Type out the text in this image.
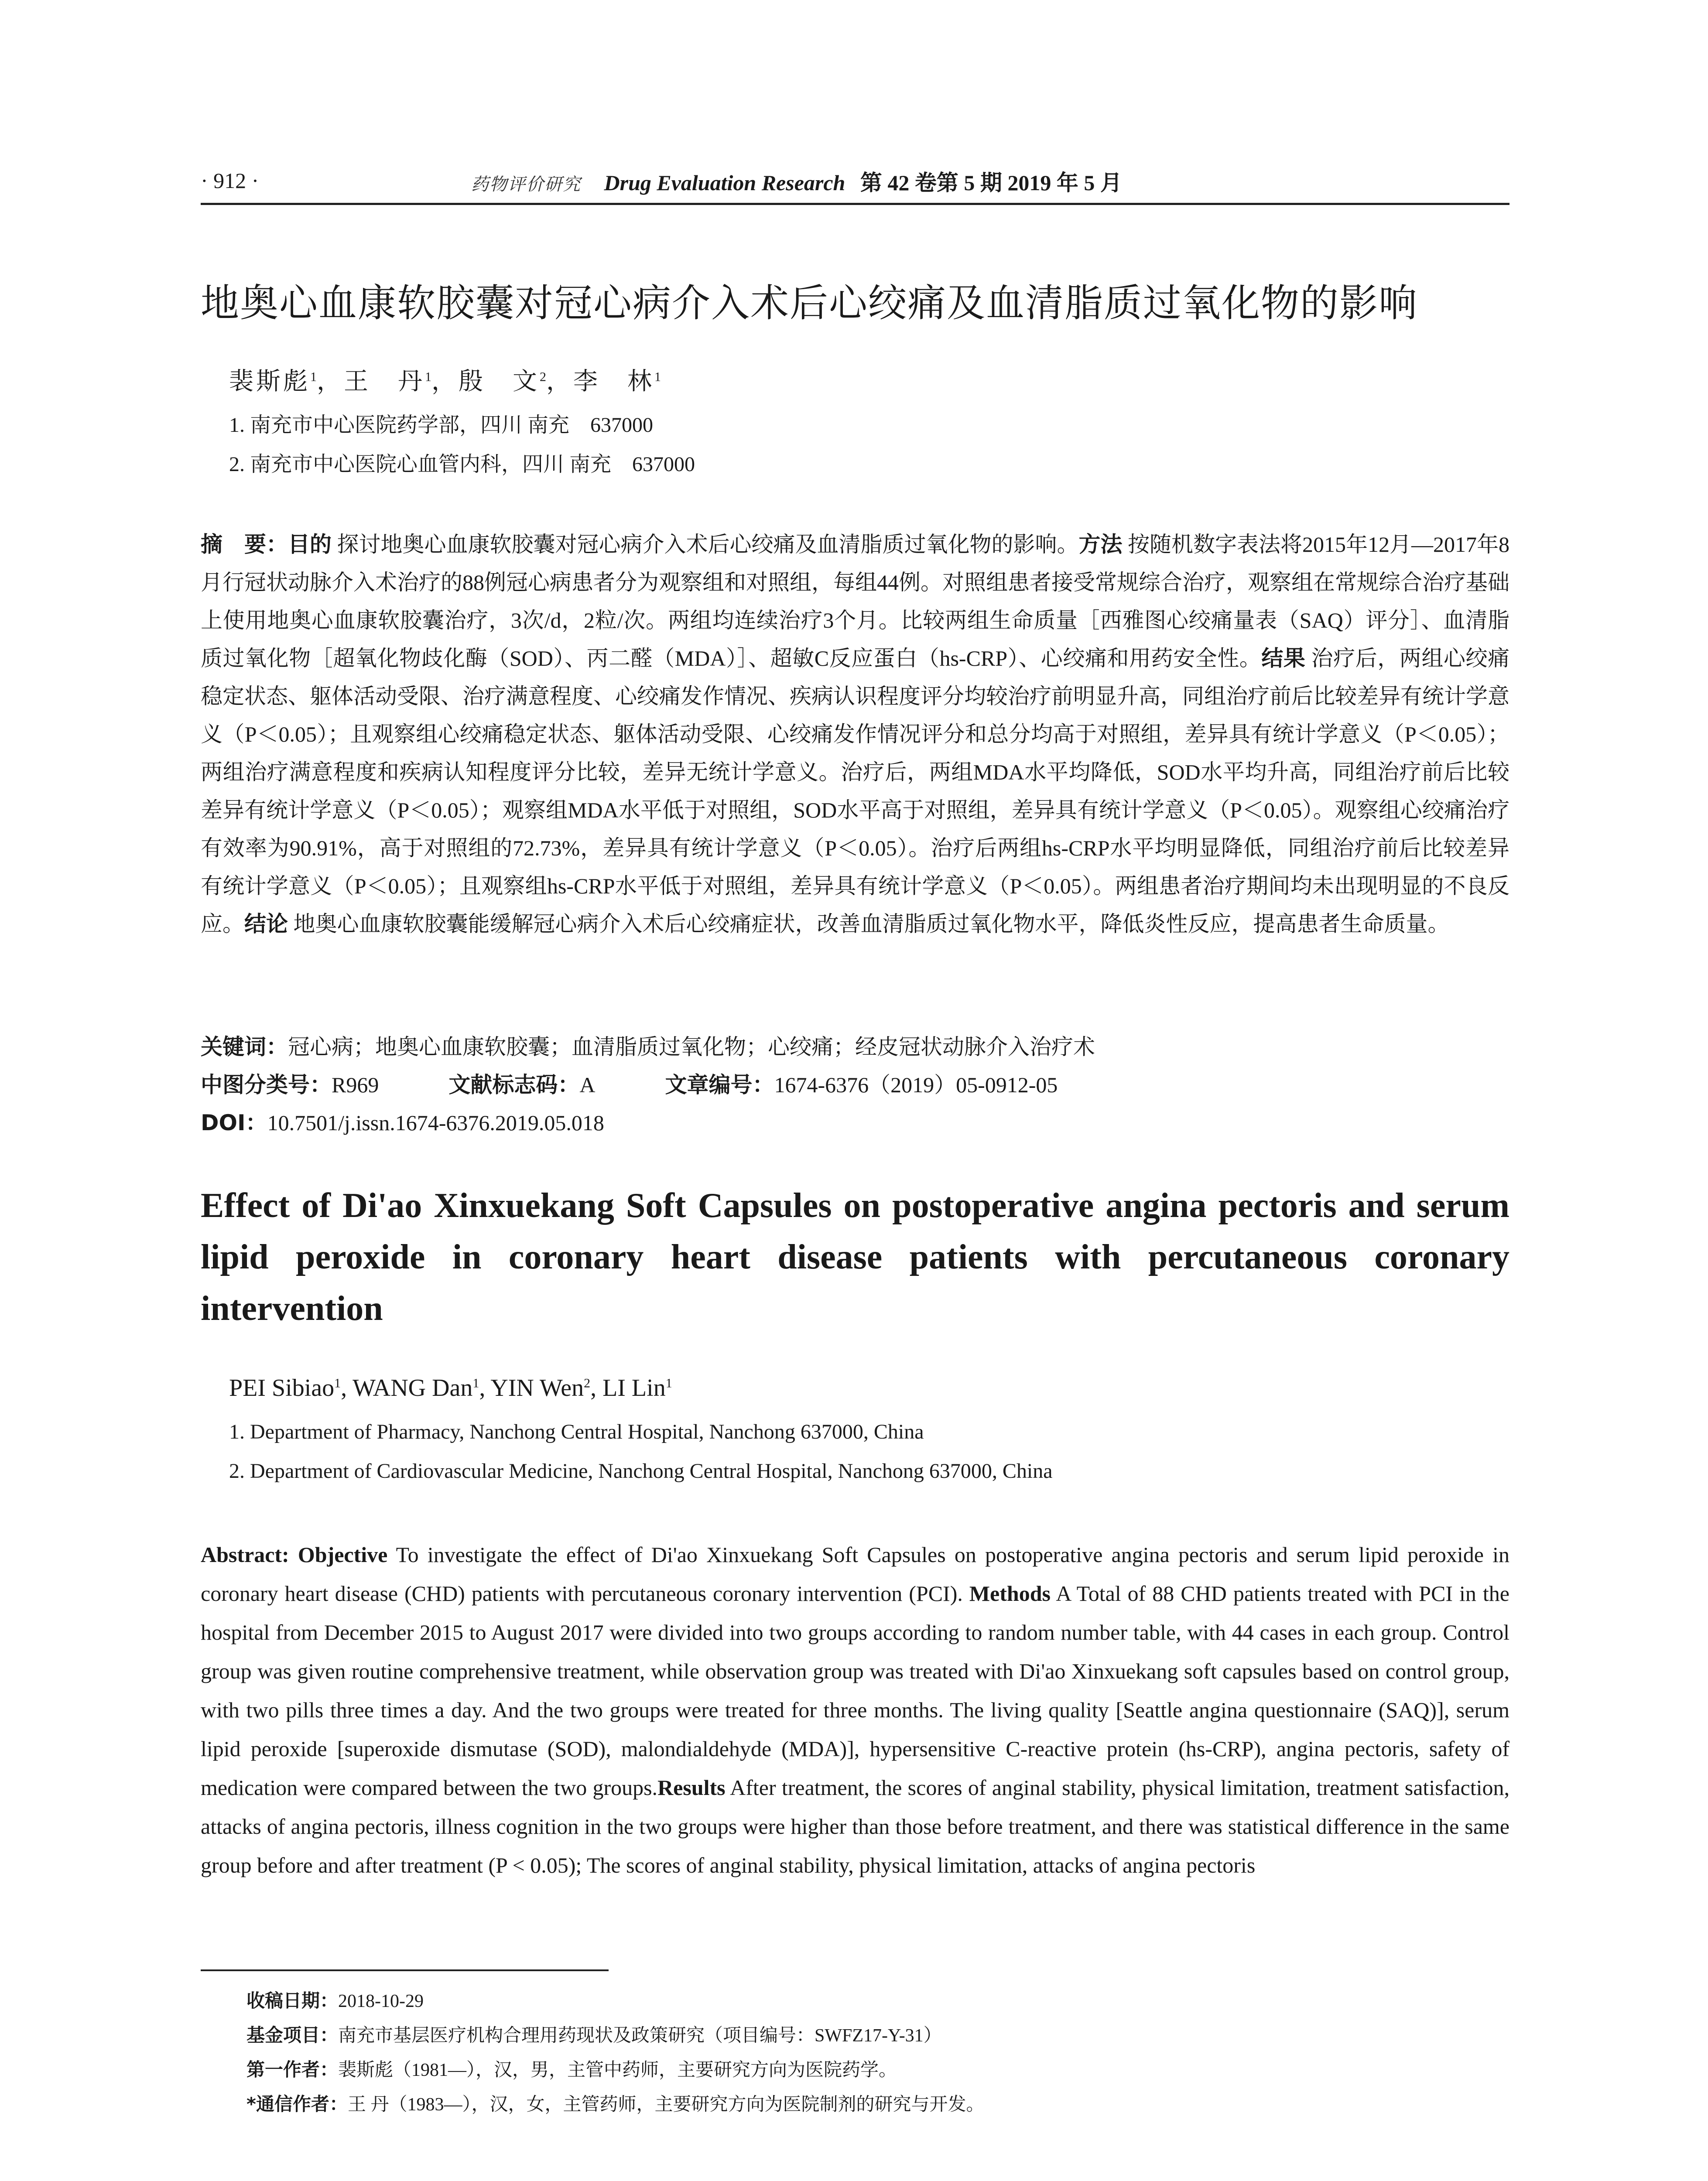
· 912 ·	药物评价研究 Drug Evaluation Research 第 42 卷第 5 期 2019 年 5 月
地奥心血康软胶囊对冠心病介入术后心绞痛及血清脂质过氧化物的影响
裴斯彪$^1$，王　丹$^1$，殷　文$^2$，李　林$^1$
1. 南充市中心医院药学部，四川 南充　637000
2. 南充市中心医院心血管内科，四川 南充　637000
摘　要：目的 探讨地奥心血康软胶囊对冠心病介入术后心绞痛及血清脂质过氧化物的影响。方法 按随机数字表法将2015年12月—2017年8月行冠状动脉介入术治疗的88例冠心病患者分为观察组和对照组，每组44例。对照组患者接受常规综合治疗，观察组在常规综合治疗基础上使用地奥心血康软胶囊治疗，3次/d，2粒/次。两组均连续治疗3个月。比较两组生命质量［西雅图心绞痛量表（SAQ）评分］、血清脂质过氧化物［超氧化物歧化酶（SOD）、丙二醛（MDA）］、超敏C反应蛋白（hs-CRP）、心绞痛和用药安全性。结果 治疗后，两组心绞痛稳定状态、躯体活动受限、治疗满意程度、心绞痛发作情况、疾病认识程度评分均较治疗前明显升高，同组治疗前后比较差异有统计学意义（P＜0.05）；且观察组心绞痛稳定状态、躯体活动受限、心绞痛发作情况评分和总分均高于对照组，差异具有统计学意义（P＜0.05）；两组治疗满意程度和疾病认知程度评分比较，差异无统计学意义。治疗后，两组MDA水平均降低，SOD水平均升高，同组治疗前后比较差异有统计学意义（P＜0.05）；观察组MDA水平低于对照组，SOD水平高于对照组，差异具有统计学意义（P＜0.05）。观察组心绞痛治疗有效率为90.91%，高于对照组的72.73%，差异具有统计学意义（P＜0.05）。治疗后两组hs-CRP水平均明显降低，同组治疗前后比较差异有统计学意义（P＜0.05）；且观察组hs-CRP水平低于对照组，差异具有统计学意义（P＜0.05）。两组患者治疗期间均未出现明显的不良反应。结论 地奥心血康软胶囊能缓解冠心病介入术后心绞痛症状，改善血清脂质过氧化物水平，降低炎性反应，提高患者生命质量。
关键词：冠心病；地奥心血康软胶囊；血清脂质过氧化物；心绞痛；经皮冠状动脉介入治疗术
中图分类号：R969	文献标志码：A	文章编号：1674-6376（2019）05-0912-05
DOI：10.7501/j.issn.1674-6376.2019.05.018
Effect of Di'ao Xinxuekang Soft Capsules on postoperative angina pectoris and serum lipid peroxide in coronary heart disease patients with percutaneous coronary intervention
PEI Sibiao$^1$, WANG Dan$^1$, YIN Wen$^2$, LI Lin$^1$
1. Department of Pharmacy, Nanchong Central Hospital, Nanchong 637000, China
2. Department of Cardiovascular Medicine, Nanchong Central Hospital, Nanchong 637000, China
Abstract: Objective To investigate the effect of Di'ao Xinxuekang Soft Capsules on postoperative angina pectoris and serum lipid peroxide in coronary heart disease (CHD) patients with percutaneous coronary intervention (PCI). Methods A Total of 88 CHD patients treated with PCI in the hospital from December 2015 to August 2017 were divided into two groups according to random number table, with 44 cases in each group. Control group was given routine comprehensive treatment, while observation group was treated with Di'ao Xinxuekang soft capsules based on control group, with two pills three times a day. And the two groups were treated for three months. The living quality [Seattle angina questionnaire (SAQ)], serum lipid peroxide [superoxide dismutase (SOD), malondialdehyde (MDA)], hypersensitive C-reactive protein (hs-CRP), angina pectoris, safety of medication were compared between the two groups.Results After treatment, the scores of anginal stability, physical limitation, treatment satisfaction, attacks of angina pectoris, illness cognition in the two groups were higher than those before treatment, and there was statistical difference in the same group before and after treatment (P < 0.05); The scores of anginal stability, physical limitation, attacks of angina pectoris
收稿日期：2018-10-29
基金项目：南充市基层医疗机构合理用药现状及政策研究（项目编号：SWFZ17-Y-31）
第一作者：裴斯彪（1981—），汉，男，主管中药师，主要研究方向为医院药学。
*通信作者：王 丹（1983—），汉，女，主管药师，主要研究方向为医院制剂的研究与开发。
